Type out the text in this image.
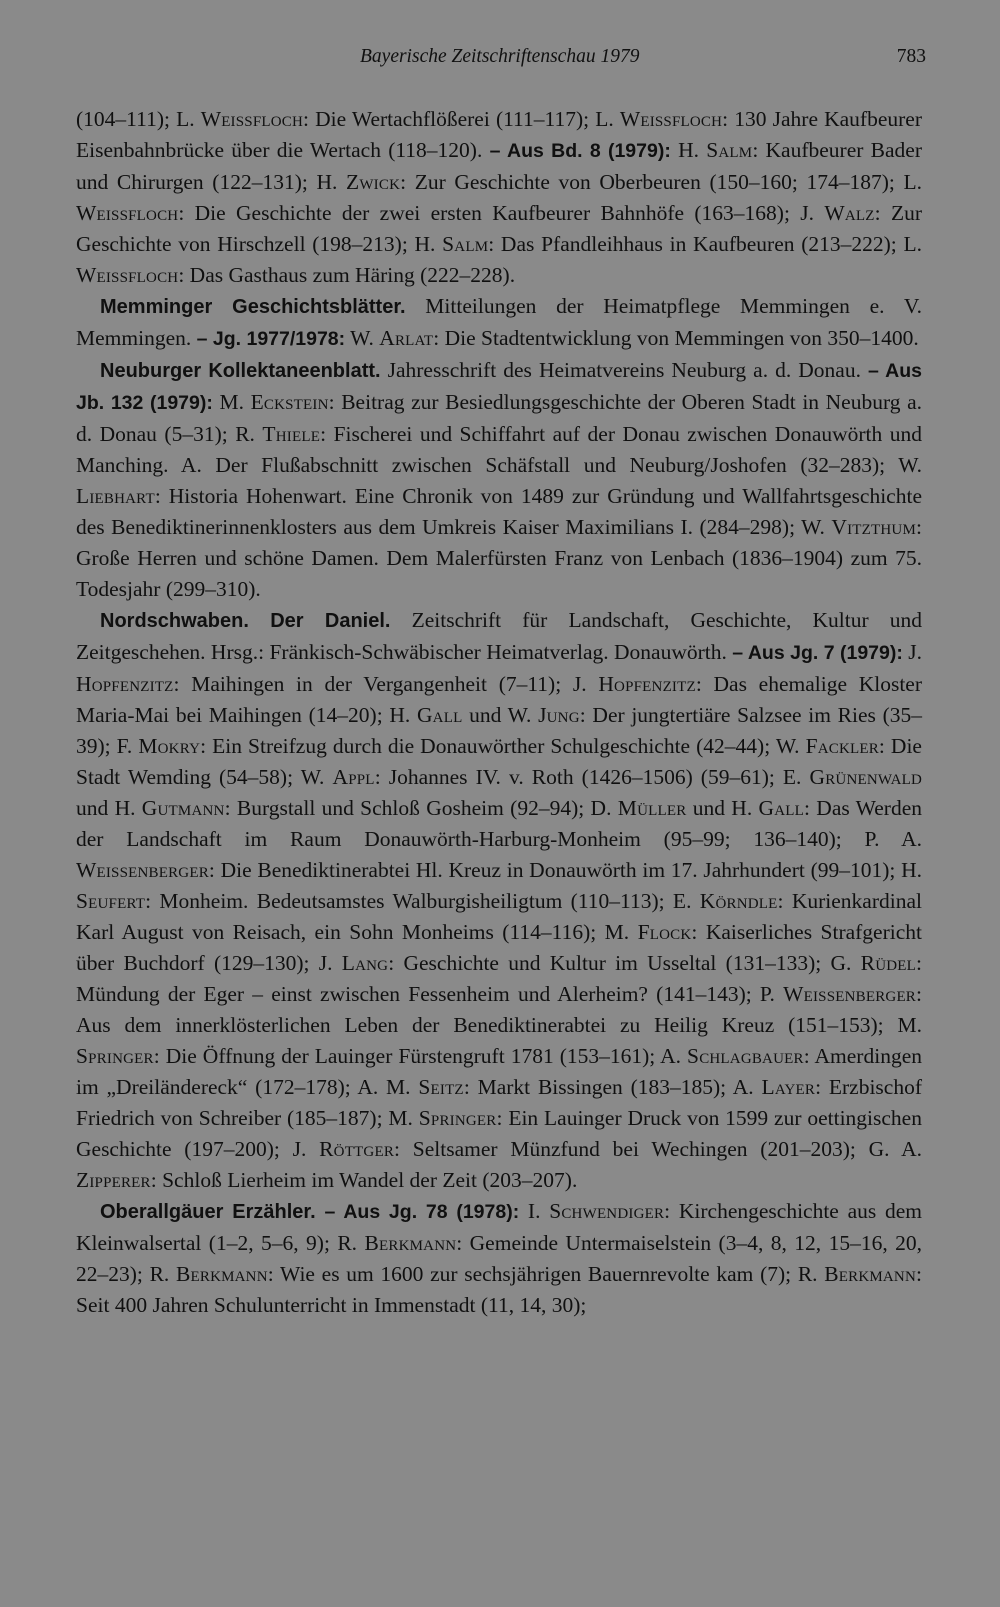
Bayerische Zeitschriftenschau 1979	783

(104–111); L. Weissfloch: Die Wertachflößerei (111–117); L. Weissfloch: 130 Jahre Kaufbeurer Eisenbahnbrücke über die Wertach (118–120). – Aus Bd. 8 (1979): H. Salm: Kaufbeurer Bader und Chirurgen (122–131); H. Zwick: Zur Geschichte von Oberbeuren (150–160; 174–187); L. Weissfloch: Die Geschichte der zwei ersten Kaufbeurer Bahnhöfe (163–168); J. Walz: Zur Geschichte von Hirschzell (198–213); H. Salm: Das Pfandleihhaus in Kaufbeuren (213–222); L. Weissfloch: Das Gasthaus zum Häring (222–228).

Memminger Geschichtsblätter. Mitteilungen der Heimatpflege Memmingen e. V. Memmingen. – Jg. 1977/1978: W. Arlat: Die Stadtentwicklung von Memmingen von 350–1400.

Neuburger Kollektaneenblatt. Jahresschrift des Heimatvereins Neuburg a. d. Donau. – Aus Jb. 132 (1979): M. Eckstein: Beitrag zur Besiedlungsgeschichte der Oberen Stadt in Neuburg a. d. Donau (5–31); R. Thiele: Fischerei und Schiffahrt auf der Donau zwischen Donauwörth und Manching. A. Der Flußabschnitt zwischen Schäfstall und Neuburg/Joshofen (32–283); W. Liebhart: Historia Hohenwart. Eine Chronik von 1489 zur Gründung und Wallfahrtsgeschichte des Benediktinerinnenklosters aus dem Umkreis Kaiser Maximilians I. (284–298); W. Vitzthum: Große Herren und schöne Damen. Dem Malerfürsten Franz von Lenbach (1836–1904) zum 75. Todesjahr (299–310).

Nordschwaben. Der Daniel. Zeitschrift für Landschaft, Geschichte, Kultur und Zeitgeschehen. Hrsg.: Fränkisch-Schwäbischer Heimatverlag. Donauwörth. – Aus Jg. 7 (1979): J. Hopfenzitz: Maihingen in der Vergangenheit (7–11); J. Hopfenzitz: Das ehemalige Kloster Maria-Mai bei Maihingen (14–20); H. Gall und W. Jung: Der jungtertiäre Salzsee im Ries (35–39); F. Mokry: Ein Streifzug durch die Donauwörther Schulgeschichte (42–44); W. Fackler: Die Stadt Wemding (54–58); W. Appl: Johannes IV. v. Roth (1426–1506) (59–61); E. Grünenwald und H. Gutmann: Burgstall und Schloß Gosheim (92–94); D. Müller und H. Gall: Das Werden der Landschaft im Raum Donauwörth-Harburg-Monheim (95–99; 136–140); P. A. Weissenberger: Die Benediktinerabtei Hl. Kreuz in Donauwörth im 17. Jahrhundert (99–101); H. Seufert: Monheim. Bedeutsamstes Walburgisheiligtum (110–113); E. Körndle: Kurienkardinal Karl August von Reisach, ein Sohn Monheims (114–116); M. Flock: Kaiserliches Strafgericht über Buchdorf (129–130); J. Lang: Geschichte und Kultur im Usseltal (131–133); G. Rüdel: Mündung der Eger – einst zwischen Fessenheim und Alerheim? (141–143); P. Weissenberger: Aus dem innerklösterlichen Leben der Benediktinerabtei zu Heilig Kreuz (151–153); M. Springer: Die Öffnung der Lauinger Fürstengruft 1781 (153–161); A. Schlagbauer: Amerdingen im „Dreiländereck“ (172–178); A. M. Seitz: Markt Bissingen (183–185); A. Layer: Erzbischof Friedrich von Schreiber (185–187); M. Springer: Ein Lauinger Druck von 1599 zur oettingischen Geschichte (197–200); J. Röttger: Seltsamer Münzfund bei Wechingen (201–203); G. A. Zipperer: Schloß Lierheim im Wandel der Zeit (203–207).

Oberallgäuer Erzähler. – Aus Jg. 78 (1978): I. Schwendiger: Kirchengeschichte aus dem Kleinwalsertal (1–2, 5–6, 9); R. Berkmann: Gemeinde Untermaiselstein (3–4, 8, 12, 15–16, 20, 22–23); R. Berkmann: Wie es um 1600 zur sechsjährigen Bauernrevolte kam (7); R. Berkmann: Seit 400 Jahren Schulunterricht in Immenstadt (11, 14, 30);
